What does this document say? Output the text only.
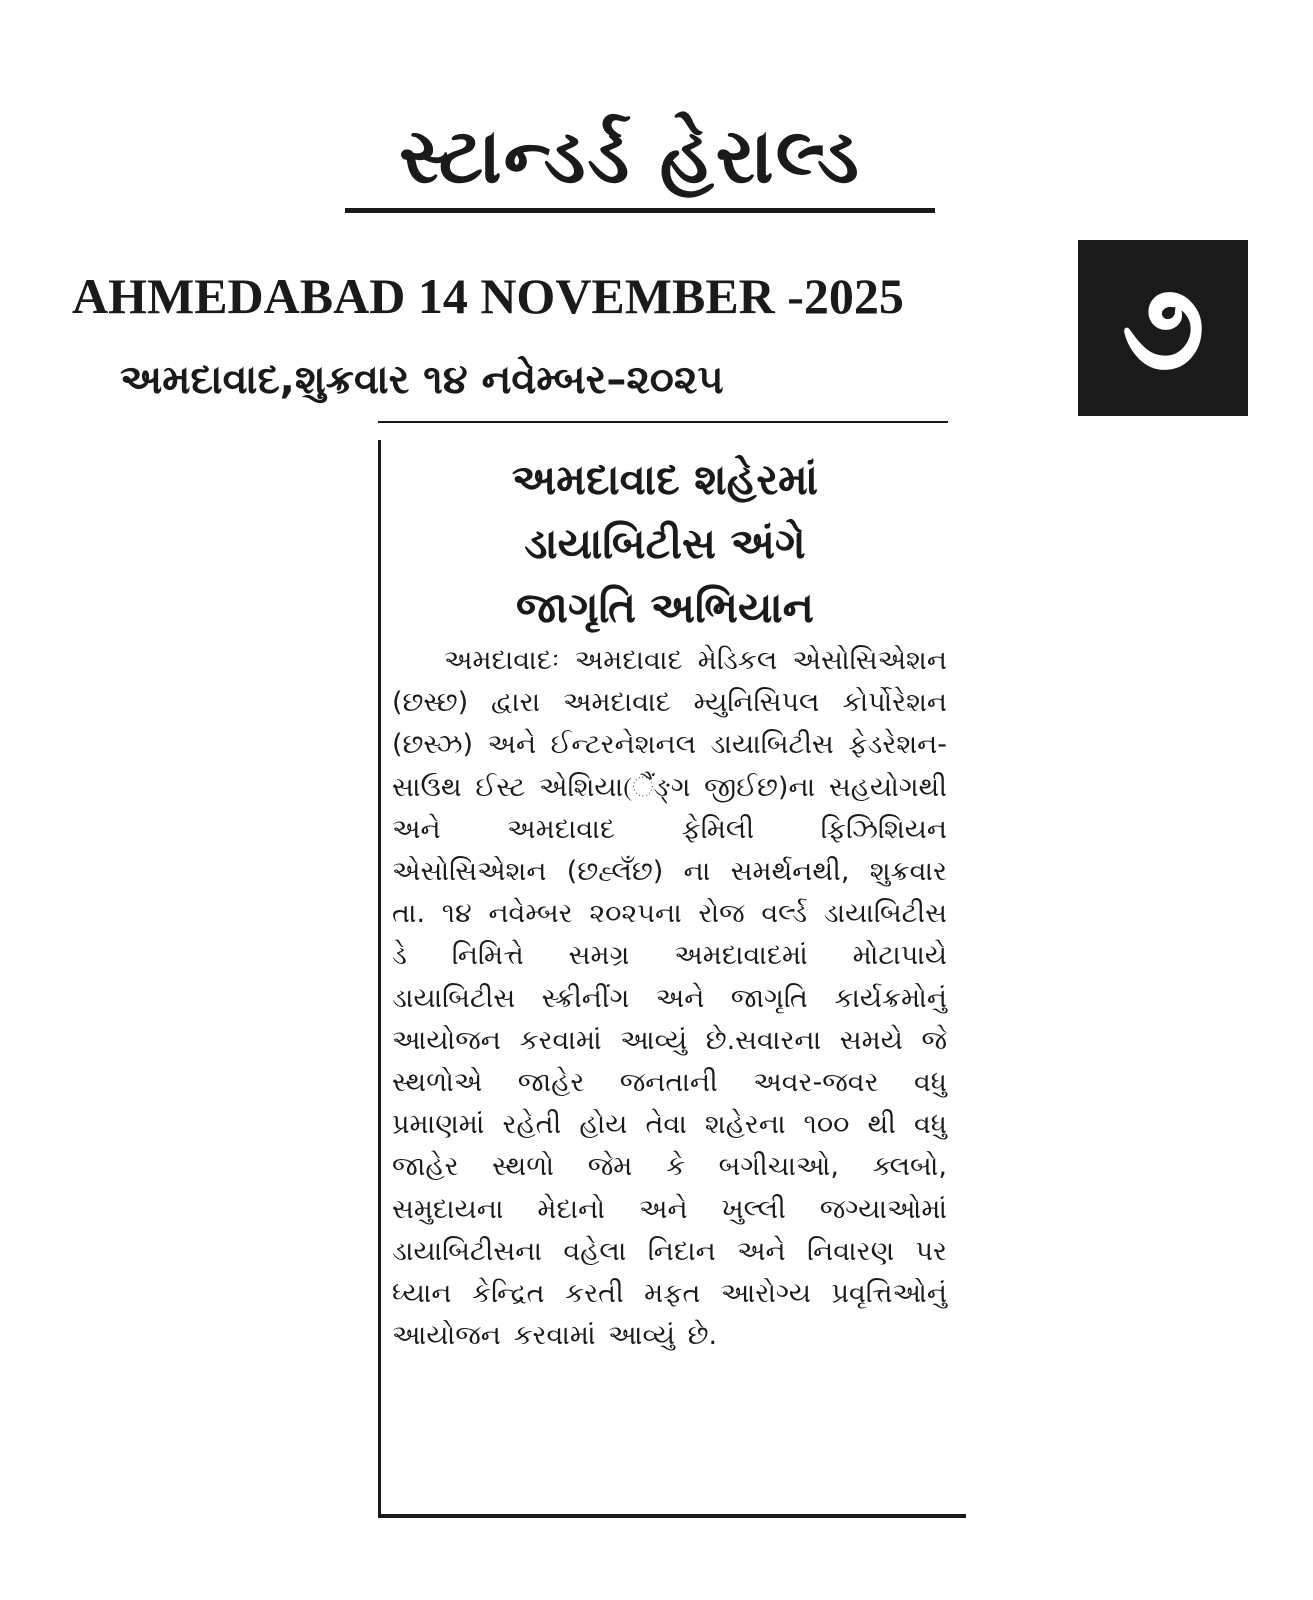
સ્ટાન્ડર્ડ હેરાલ્ડ
AHMEDABAD 14 NOVEMBER -2025
અમદાવાદ,શુક્રવાર ૧૪ નવેમ્બર–૨૦૨૫	૭
અમદાવાદ શહેરમાં
ડાયાબિટીસ અંગે
જાગૃતિ અભિયાન
અમદાવાદઃ અમદાવાદ મેડિકલ એસોસિએશન (છસ્છ) દ્વારા અમદાવાદ મ્યુનિસિપલ કોર્પોરેશન (છસ્ઝ) અને ઈન્ટરનેશનલ ડાયાબિટીસ ફેડરેશન-સાઉથ ઈસ્ટ એશિયા(ૈંઙ્ગ જીઈછ)ના સહયોગથી અને અમદાવાદ ફેમિલી ફિઝિશિયન એસોસિએશન (છહ્લઁછ) ના સમર્થનથી, શુક્રવાર તા. ૧૪ નવેમ્બર ૨૦૨૫ના રોજ વર્લ્ડ ડાયાબિટીસ ડે નિમિત્તે સમગ્ર અમદાવાદમાં મોટાપાયે ડાયાબિટીસ સ્ક્રીનીંગ અને જાગૃતિ કાર્યક્રમોનું આયોજન કરવામાં આવ્યું છે.સવારના સમયે જે સ્થળોએ જાહેર જનતાની અવર-જવર વધુ પ્રમાણમાં રહેતી હોય તેવા શહેરના ૧૦૦ થી વધુ જાહેર સ્થળો જેમ કે બગીચાઓ, ક્લબો, સમુદાયના મેદાનો અને ખુલ્લી જગ્યાઓમાં ડાયાબિટીસના વહેલા નિદાન અને નિવારણ પર ધ્યાન કેન્દ્રિત કરતી મફત આરોગ્ય પ્રવૃત્તિઓનું આયોજન કરવામાં આવ્યું છે.
